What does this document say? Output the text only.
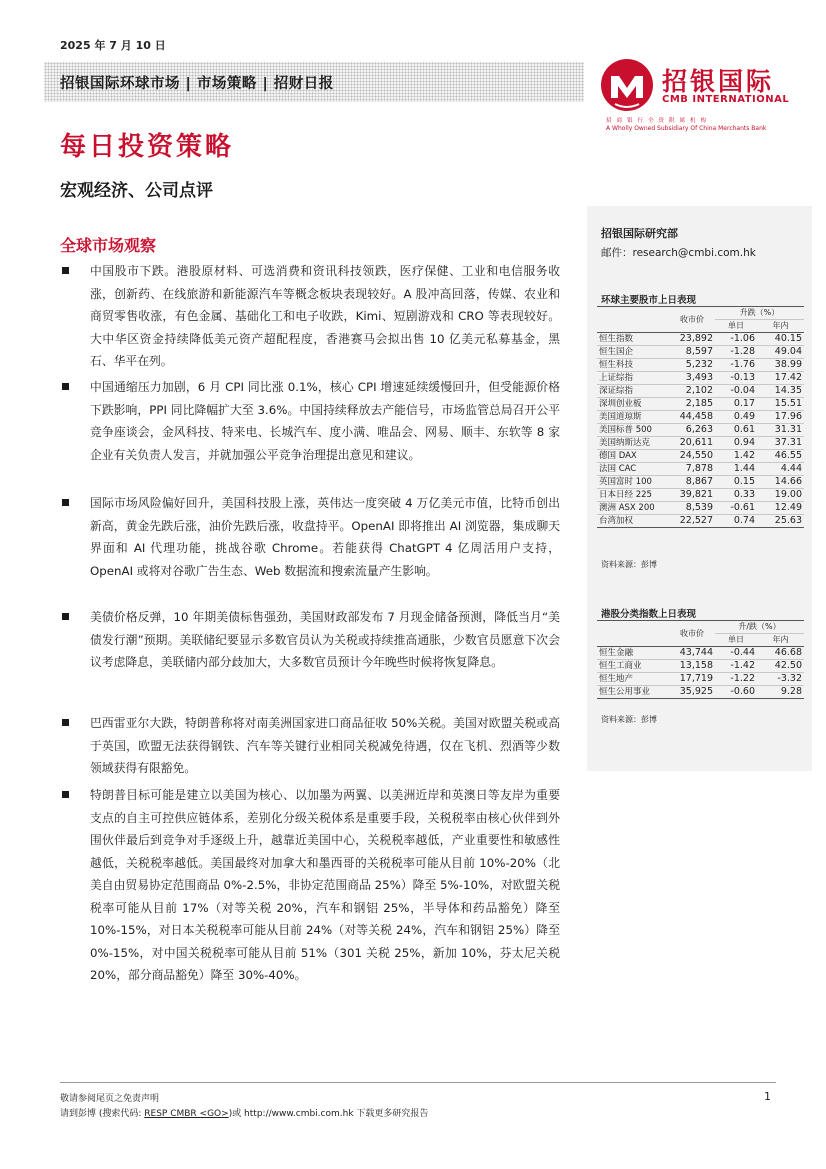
2025 年 7 月 10 日
招银国际环球市场 | 市场策略 | 招财日报	招银国际
CMB INTERNATIONAL
招商银行全资附属机构
A Wholly Owned Subsidiary Of China Merchants Bank
每日投资策略
宏观经济、公司点评
全球市场观察
中国股市下跌。港股原材料、可选消费和资讯科技领跌，医疗保健、工业和电信服务收涨，创新药、在线旅游和新能源汽车等概念板块表现较好。A 股冲高回落，传媒、农业和商贸零售收涨，有色金属、基础化工和电子收跌，Kimi、短剧游戏和 CRO 等表现较好。大中华区资金持续降低美元资产超配程度，香港赛马会拟出售 10 亿美元私募基金，黑石、华平在列。
中国通缩压力加剧，6 月 CPI 同比涨 0.1%，核心 CPI 增速延续缓慢回升，但受能源价格下跌影响，PPI 同比降幅扩大至 3.6%。中国持续释放去产能信号，市场监管总局召开公平竞争座谈会，金风科技、特来电、长城汽车、度小满、唯品会、网易、顺丰、东软等 8 家企业有关负责人发言，并就加强公平竞争治理提出意见和建议。
国际市场风险偏好回升，美国科技股上涨，英伟达一度突破 4 万亿美元市值，比特币创出新高，黄金先跌后涨，油价先跌后涨，收盘持平。OpenAI 即将推出 AI 浏览器，集成聊天界面和 AI 代理功能，挑战谷歌 Chrome。若能获得 ChatGPT 4 亿周活用户支持，OpenAI 或将对谷歌广告生态、Web 数据流和搜索流量产生影响。
美债价格反弹，10 年期美债标售强劲，美国财政部发布 7 月现金储备预测，降低当月“美债发行潮”预期。美联储纪要显示多数官员认为关税或持续推高通胀，少数官员愿意下次会议考虑降息，美联储内部分歧加大，大多数官员预计今年晚些时候将恢复降息。
巴西雷亚尔大跌，特朗普称将对南美洲国家进口商品征收 50%关税。美国对欧盟关税或高于英国，欧盟无法获得钢铁、汽车等关键行业相同关税减免待遇，仅在飞机、烈酒等少数领域获得有限豁免。
特朗普目标可能是建立以美国为核心、以加墨为两翼、以美洲近岸和英澳日等友岸为重要支点的自主可控供应链体系，差别化分级关税体系是重要手段，关税税率由核心伙伴到外围伙伴最后到竞争对手逐级上升，越靠近美国中心，关税税率越低，产业重要性和敏感性越低，关税税率越低。美国最终对加拿大和墨西哥的关税税率可能从目前 10%-20%（北美自由贸易协定范围商品 0%-2.5%，非协定范围商品 25%）降至 5%-10%，对欧盟关税税率可能从目前 17%（对等关税 20%，汽车和钢铝 25%，半导体和药品豁免）降至 10%-15%，对日本关税税率可能从目前 24%（对等关税 24%，汽车和钢铝 25%）降至 0%-15%，对中国关税税率可能从目前 51%（301 关税 25%，新加 10%，芬太尼关税 20%，部分商品豁免）降至 30%-40%。
招银国际研究部
邮件：research@cmbi.com.hk
环球主要股市上日表现
	收市价	升跌（%）	
		单日	年内
恒生指数	23,892	-1.06	40.15
恒生国企	8,597	-1.28	49.04
恒生科技	5,232	-1.76	38.99
上证综指	3,493	-0.13	17.42
深证综指	2,102	-0.04	14.35
深圳创业板	2,185	0.17	15.51
美国道琼斯	44,458	0.49	17.96
美国标普 500	6,263	0.61	31.31
美国纳斯达克	20,611	0.94	37.31
德国 DAX	24,550	1.42	46.55
法国 CAC	7,878	1.44	4.44
英国富时 100	8,867	0.15	14.66
日本日经 225	39,821	0.33	19.00
澳洲 ASX 200	8,539	-0.61	12.49
台湾加权	22,527	0.74	25.63
资料来源：彭博
港股分类指数上日表现
	收市价	升/跌（%）	
		单日	年内
恒生金融	43,744	-0.44	46.68
恒生工商业	13,158	-1.42	42.50
恒生地产	17,719	-1.22	-3.32
恒生公用事业	35,925	-0.60	9.28
资料来源：彭博
敬请参阅尾页之免责声明
请到彭博 (搜索代码: RESP CMBR <GO>)或 http://www.cmbi.com.hk 下载更多研究报告
1
